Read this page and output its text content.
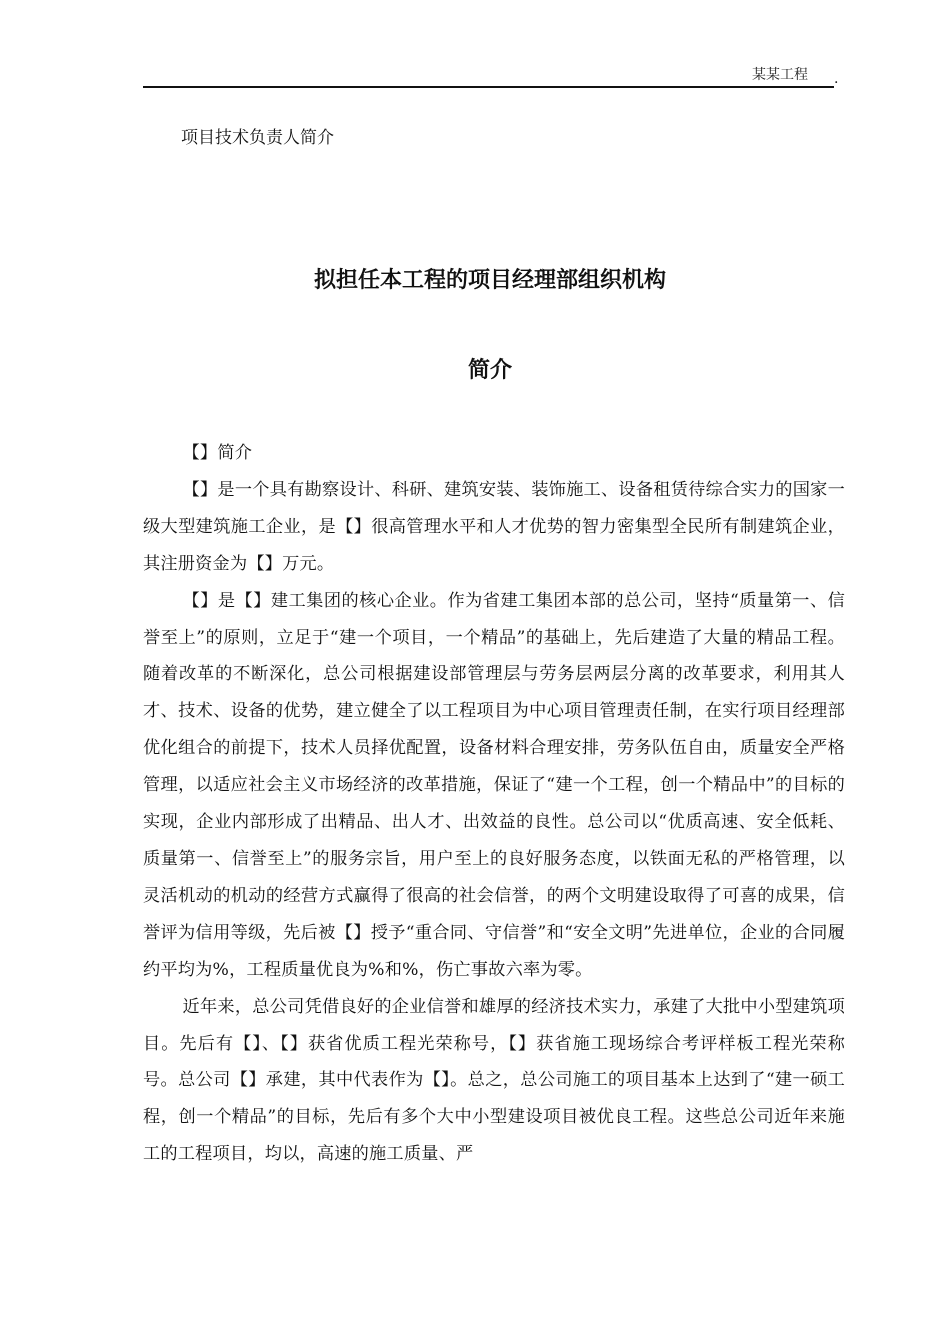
某某工程 .
项目技术负责人简介
拟担任本工程的项目经理部组织机构
简介

【】简介

【】是一个具有勘察设计、科研、建筑安装、装饰施工、设备租赁待综合实力的国家一级大型建筑施工企业，是【】很高管理水平和人才优势的智力密集型全民所有制建筑企业，其注册资金为【】万元。

【】是【】建工集团的核心企业。作为省建工集团本部的总公司，坚持“质量第一、信誉至上”的原则，立足于“建一个项目，一个精品”的基础上，先后建造了大量的精品工程。随着改革的不断深化，总公司根据建设部管理层与劳务层两层分离的改革要求，利用其人才、技术、设备的优势，建立健全了以工程项目为中心项目管理责任制，在实行项目经理部优化组合的前提下，技术人员择优配置，设备材料合理安排，劳务队伍自由，质量安全严格管理，以适应社会主义市场经济的改革措施，保证了“建一个工程，创一个精品中”的目标的实现，企业内部形成了出精品、出人才、出效益的良性。总公司以“优质高速、安全低耗、质量第一、信誉至上”的服务宗旨，用户至上的良好服务态度，以铁面无私的严格管理，以灵活机动的机动的经营方式赢得了很高的社会信誉，的两个文明建设取得了可喜的成果，信誉评为信用等级，先后被【】授予“重合同、守信誉”和“安全文明”先进单位，企业的合同履约平均为%，工程质量优良为%和%，伤亡事故六率为零。

近年来，总公司凭借良好的企业信誉和雄厚的经济技术实力，承建了大批中小型建筑项目。先后有【】、【】获省优质工程光荣称号，【】获省施工现场综合考评样板工程光荣称号。总公司【】承建，其中代表作为【】。总之，总公司施工的项目基本上达到了“建一硕工程，创一个精品”的目标，先后有多个大中小型建设项目被优良工程。这些总公司近年来施工的工程项目，均以，高速的施工质量、严
